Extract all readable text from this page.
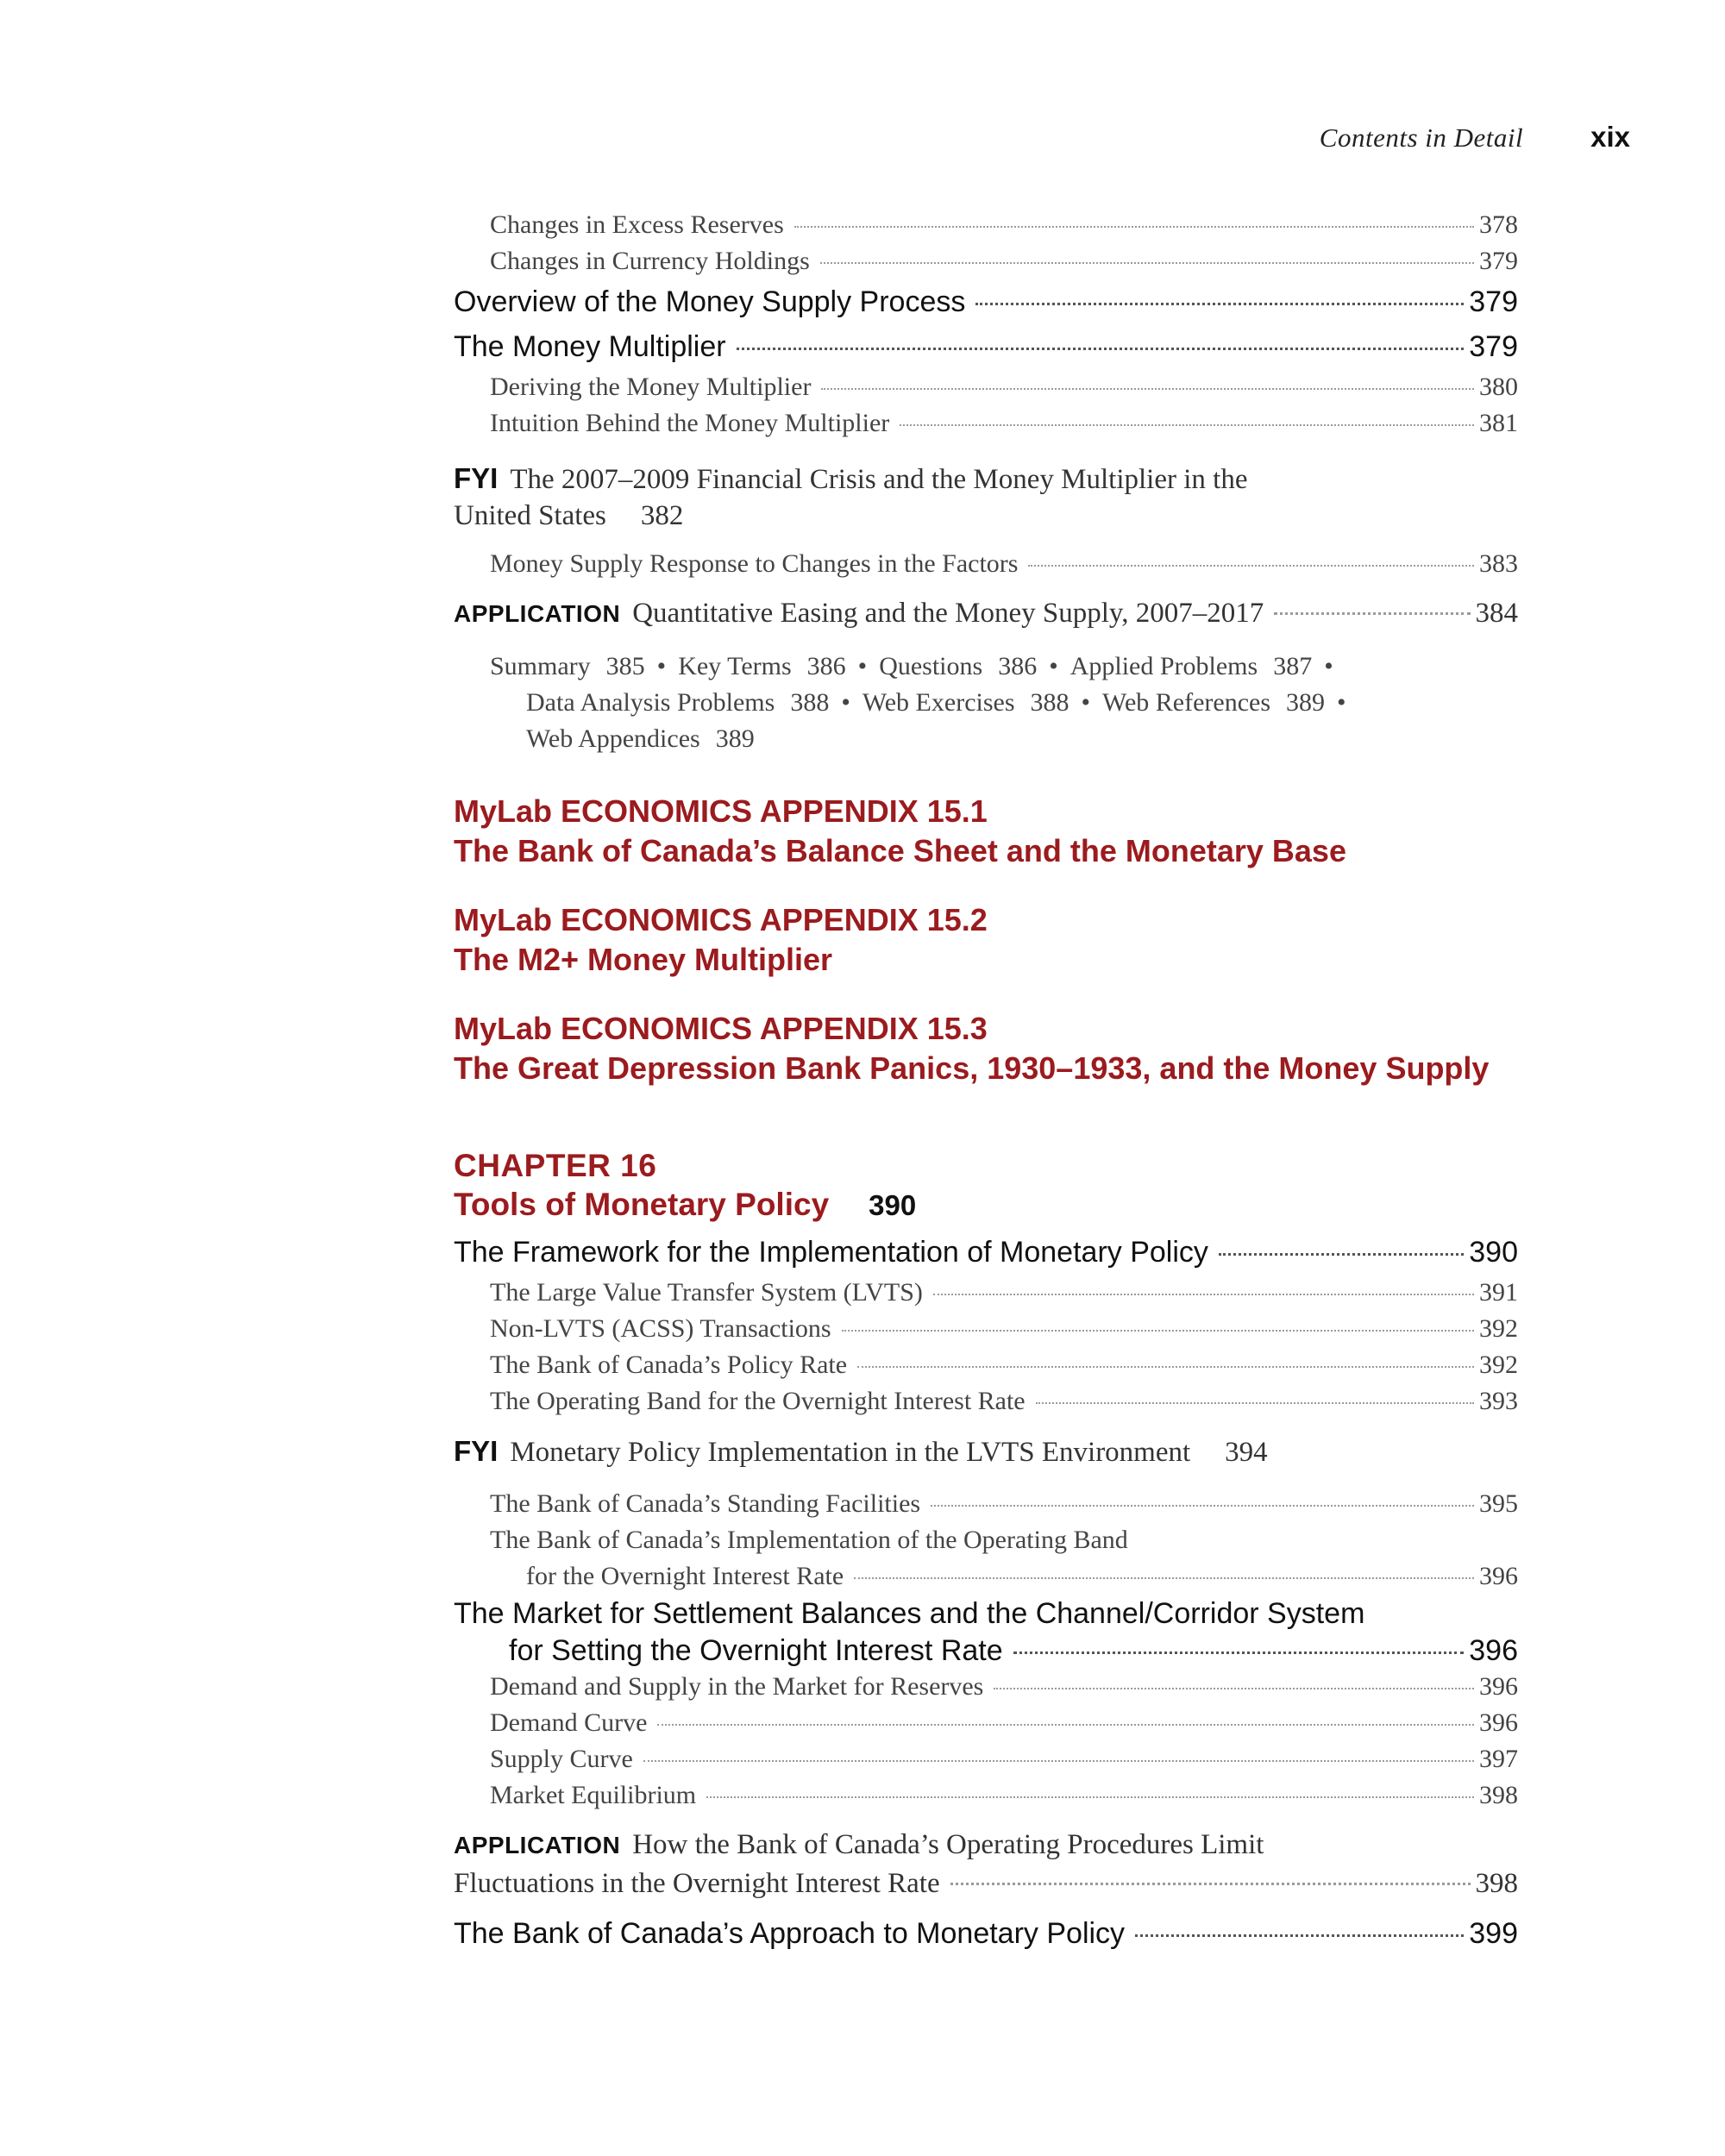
Contents in Detail xix
Changes in Excess Reserves	378
Changes in Currency Holdings	379
Overview of the Money Supply Process	379
The Money Multiplier	379
Deriving the Money Multiplier	380
Intuition Behind the Money Multiplier	381
FYI The 2007–2009 Financial Crisis and the Money Multiplier in the
United States 382
Money Supply Response to Changes in the Factors	383
APPLICATION Quantitative Easing and the Money Supply, 2007–2017	384
Summary 385 • Key Terms 386 • Questions 386 • Applied Problems 387 •
Data Analysis Problems 388 • Web Exercises 388 • Web References 389 •
Web Appendices 389
MyLab ECONOMICS APPENDIX 15.1
The Bank of Canada’s Balance Sheet and the Monetary Base
MyLab ECONOMICS APPENDIX 15.2
The M2+ Money Multiplier
MyLab ECONOMICS APPENDIX 15.3
The Great Depression Bank Panics, 1930–1933, and the Money Supply
CHAPTER 16
Tools of Monetary Policy 390
The Framework for the Implementation of Monetary Policy	390
The Large Value Transfer System (LVTS)	391
Non-LVTS (ACSS) Transactions	392
The Bank of Canada’s Policy Rate	392
The Operating Band for the Overnight Interest Rate	393
FYI Monetary Policy Implementation in the LVTS Environment 394
The Bank of Canada’s Standing Facilities	395
The Bank of Canada’s Implementation of the Operating Band
for the Overnight Interest Rate	396
The Market for Settlement Balances and the Channel/Corridor System
for Setting the Overnight Interest Rate	396
Demand and Supply in the Market for Reserves	396
Demand Curve	396
Supply Curve	397
Market Equilibrium	398
APPLICATION How the Bank of Canada’s Operating Procedures Limit
Fluctuations in the Overnight Interest Rate	398
The Bank of Canada’s Approach to Monetary Policy	399
